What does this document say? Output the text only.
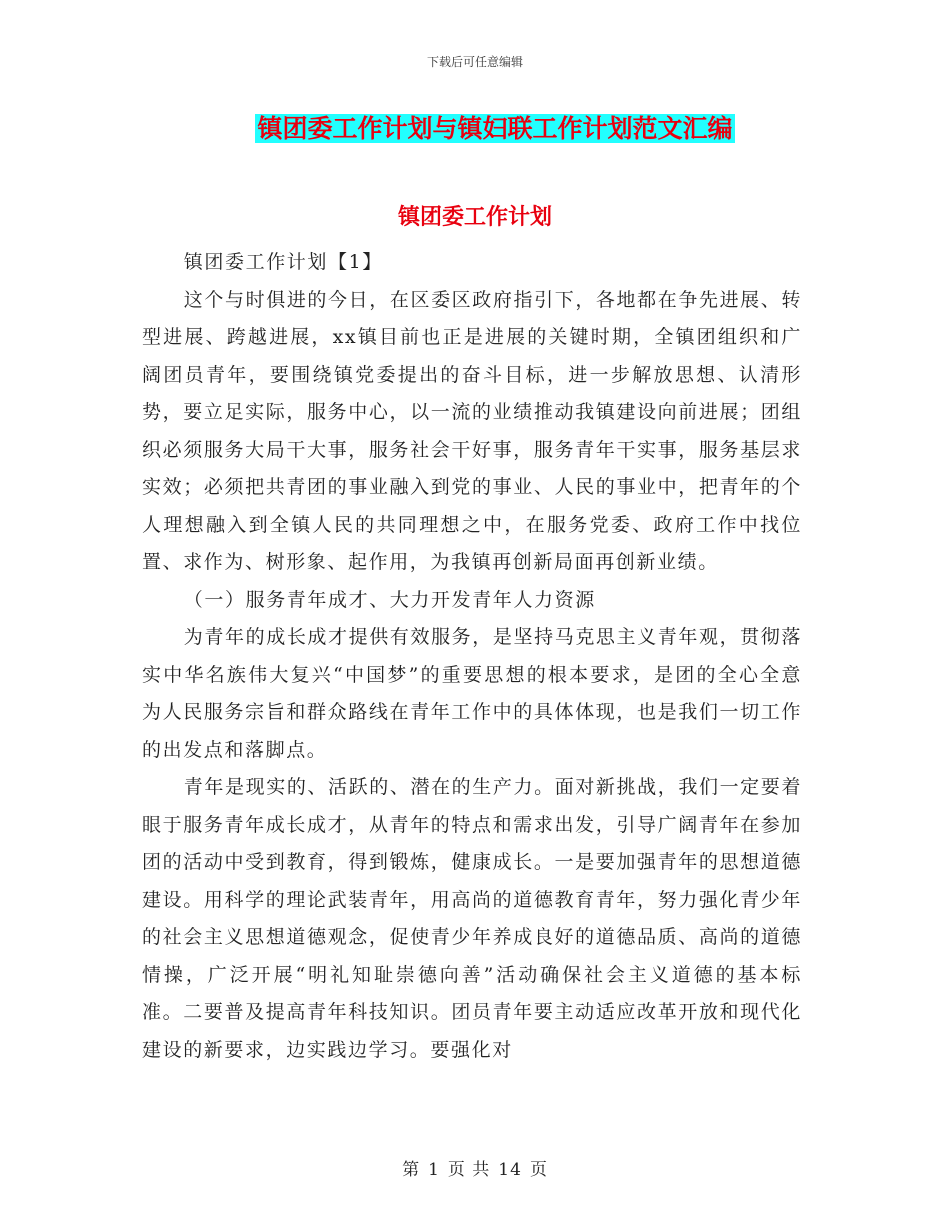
下载后可任意编辑
镇团委工作计划与镇妇联工作计划范文汇编
镇团委工作计划

镇团委工作计划【1】

这个与时俱进的今日，在区委区政府指引下，各地都在争先进展、转型进展、跨越进展，xx镇目前也正是进展的关键时期，全镇团组织和广阔团员青年，要围绕镇党委提出的奋斗目标，进一步解放思想、认清形势，要立足实际，服务中心，以一流的业绩推动我镇建设向前进展；团组织必须服务大局干大事，服务社会干好事，服务青年干实事，服务基层求实效；必须把共青团的事业融入到党的事业、人民的事业中，把青年的个人理想融入到全镇人民的共同理想之中，在服务党委、政府工作中找位置、求作为、树形象、起作用，为我镇再创新局面再创新业绩。

（一）服务青年成才、大力开发青年人力资源

为青年的成长成才提供有效服务，是坚持马克思主义青年观，贯彻落实中华名族伟大复兴“中国梦”的重要思想的根本要求，是团的全心全意为人民服务宗旨和群众路线在青年工作中的具体体现，也是我们一切工作的出发点和落脚点。

青年是现实的、活跃的、潜在的生产力。面对新挑战，我们一定要着眼于服务青年成长成才，从青年的特点和需求出发，引导广阔青年在参加团的活动中受到教育，得到锻炼，健康成长。一是要加强青年的思想道德建设。用科学的理论武装青年，用高尚的道德教育青年，努力强化青少年的社会主义思想道德观念，促使青少年养成良好的道德品质、高尚的道德情操，广泛开展“明礼知耻崇德向善”活动确保社会主义道德的基本标准。二要普及提高青年科技知识。团员青年要主动适应改革开放和现代化建设的新要求，边实践边学习。要强化对

第 1 页 共 14 页
